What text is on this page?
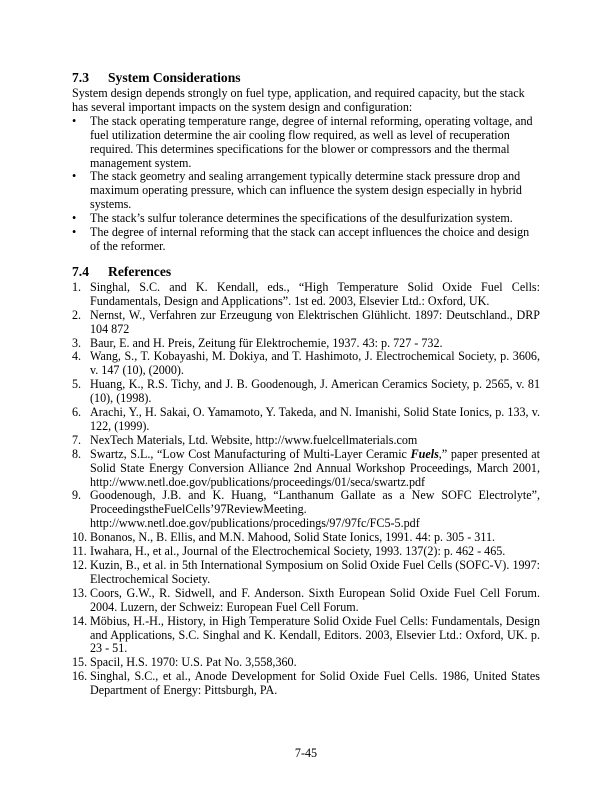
7.3	System Considerations

System design depends strongly on fuel type, application, and required capacity, but the stack has several important impacts on the system design and configuration:

• The stack operating temperature range, degree of internal reforming, operating voltage, and fuel utilization determine the air cooling flow required, as well as level of recuperation required. This determines specifications for the blower or compressors and the thermal management system.
• The stack geometry and sealing arrangement typically determine stack pressure drop and maximum operating pressure, which can influence the system design especially in hybrid systems.
• The stack’s sulfur tolerance determines the specifications of the desulfurization system.
• The degree of internal reforming that the stack can accept influences the choice and design of the reformer.
7.4	References
1. Singhal, S.C. and K. Kendall, eds., “High Temperature Solid Oxide Fuel Cells: Fundamentals, Design and Applications”. 1st ed. 2003, Elsevier Ltd.: Oxford, UK.
2. Nernst, W., Verfahren zur Erzeugung von Elektrischen Glühlicht. 1897: Deutschland., DRP 104 872
3. Baur, E. and H. Preis, Zeitung für Elektrochemie, 1937. 43: p. 727 - 732.
4. Wang, S., T. Kobayashi, M. Dokiya, and T. Hashimoto, J. Electrochemical Society, p. 3606, v. 147 (10), (2000).
5. Huang, K., R.S. Tichy, and J. B. Goodenough, J. American Ceramics Society, p. 2565, v. 81 (10), (1998).
6. Arachi, Y., H. Sakai, O. Yamamoto, Y. Takeda, and N. Imanishi, Solid State Ionics, p. 133, v. 122, (1999).
7. NexTech Materials, Ltd. Website, http://www.fuelcellmaterials.com
8. Swartz, S.L., “Low Cost Manufacturing of Multi-Layer Ceramic Fuels,” paper presented at Solid State Energy Conversion Alliance 2nd Annual Workshop Proceedings, March 2001, http://www.netl.doe.gov/publications/proceedings/01/seca/swartz.pdf
9. Goodenough, J.B. and K. Huang, “Lanthanum Gallate as a New SOFC Electrolyte”, ProceedingstheFuelCells’97ReviewMeeting.
http://www.netl.doe.gov/publications/procedings/97/97fc/FC5-5.pdf
10. Bonanos, N., B. Ellis, and M.N. Mahood, Solid State Ionics, 1991. 44: p. 305 - 311.
11. Iwahara, H., et al., Journal of the Electrochemical Society, 1993. 137(2): p. 462 - 465.
12. Kuzin, B., et al. in 5th International Symposium on Solid Oxide Fuel Cells (SOFC-V). 1997: Electrochemical Society.
13. Coors, G.W., R. Sidwell, and F. Anderson. Sixth European Solid Oxide Fuel Cell Forum. 2004. Luzern, der Schweiz: European Fuel Cell Forum.
14. Möbius, H.-H., History, in High Temperature Solid Oxide Fuel Cells: Fundamentals, Design and Applications, S.C. Singhal and K. Kendall, Editors. 2003, Elsevier Ltd.: Oxford, UK. p. 23 - 51.
15. Spacil, H.S. 1970: U.S. Pat No. 3,558,360.
16. Singhal, S.C., et al., Anode Development for Solid Oxide Fuel Cells. 1986, United States Department of Energy: Pittsburgh, PA.
7-45
